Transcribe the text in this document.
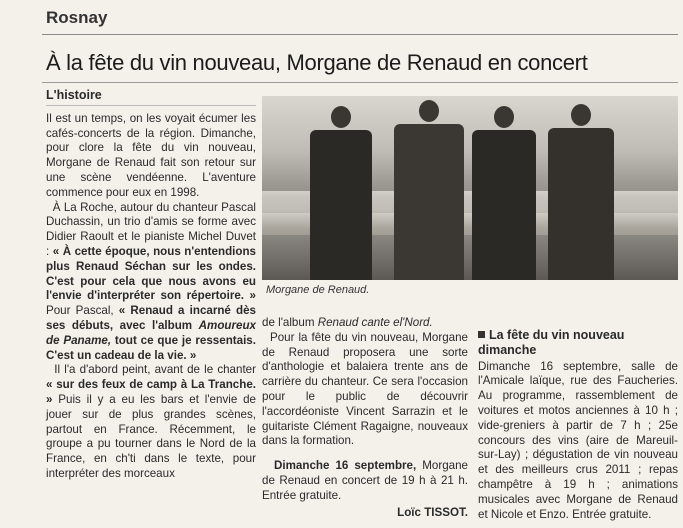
Rosnay
À la fête du vin nouveau, Morgane de Renaud en concert
L'histoire

Il est un temps, on les voyait écumer les cafés-concerts de la région. Dimanche, pour clore la fête du vin nouveau, Morgane de Renaud fait son retour sur une scène vendéenne. L'aventure commence pour eux en 1998.

À La Roche, autour du chanteur Pascal Duchassin, un trio d'amis se forme avec Didier Raoult et le pianiste Michel Duvet : « À cette époque, nous n'entendions plus Renaud Séchan sur les ondes. C'est pour cela que nous avons eu l'envie d'interpréter son répertoire. » Pour Pascal, « Renaud a incarné dès ses débuts, avec l'album Amoureux de Paname, tout ce que je ressentais. C'est un cadeau de la vie. »

Il l'a d'abord peint, avant de le chanter « sur des feux de camp à La Tranche. » Puis il y a eu les bars et l'envie de jouer sur de plus grandes scènes, partout en France. Récemment, le groupe a pu tourner dans le Nord de la France, en ch'ti dans le texte, pour interpréter des morceaux

Morgane de Renaud.

de l'album Renaud cante el'Nord.

Pour la fête du vin nouveau, Morgane de Renaud proposera une sorte d'anthologie et balaiera trente ans de carrière du chanteur. Ce sera l'occasion pour le public de découvrir l'accordéoniste Vincent Sarrazin et le guitariste Clément Ragaigne, nouveaux dans la formation.

Dimanche 16 septembre, Morgane de Renaud en concert de 19 h à 21 h. Entrée gratuite.

Loïc TISSOT.
La fête du vin nouveau dimanche

Dimanche 16 septembre, salle de l'Amicale laïque, rue des Faucheries. Au programme, rassemblement de voitures et motos anciennes à 10 h ; vide-greniers à partir de 7 h ; 25e concours des vins (aire de Mareuil-sur-Lay) ; dégustation de vin nouveau et des meilleurs crus 2011 ; repas champêtre à 19 h ; animations musicales avec Morgane de Renaud et Nicole et Enzo. Entrée gratuite.
